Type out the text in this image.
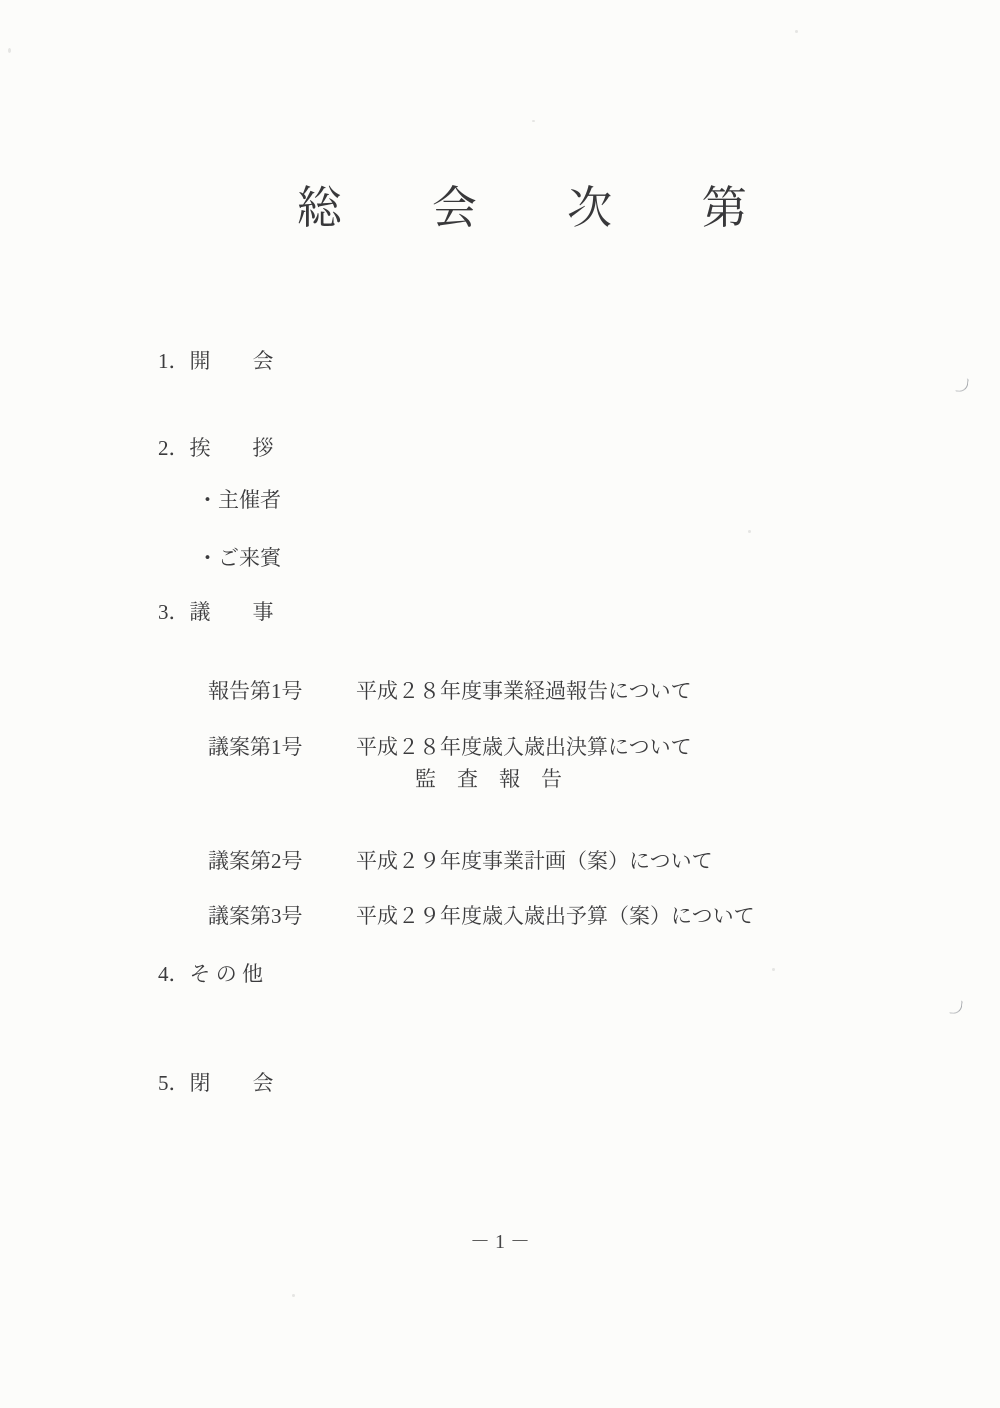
総　　会　　次　　第
1．開　　会
2．挨　　拶
・主催者
・ご来賓
3．議　　事

報告第1号	平成２８年度事業経過報告について

議案第1号	平成２８年度歳入歳出決算について

監　査　報　告

議案第2号	平成２９年度事業計画（案）について

議案第3号	平成２９年度歳入歳出予算（案）について

4．そ の 他
5．閉　　会
－ 1 －
